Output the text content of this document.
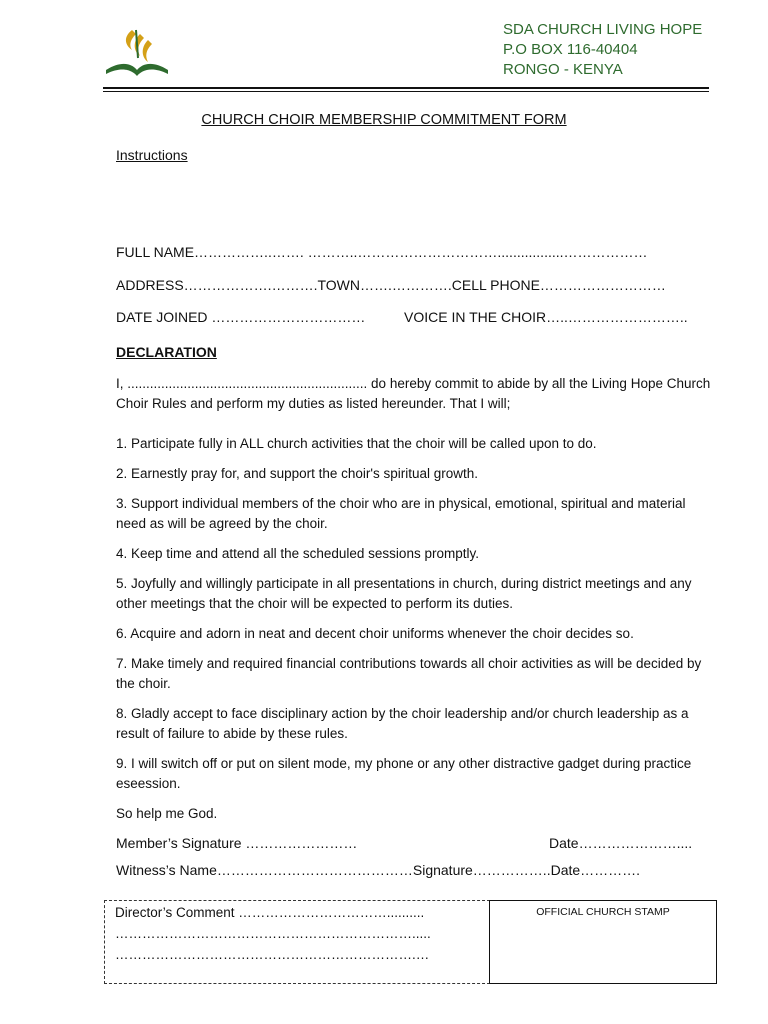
SDA CHURCH LIVING HOPE
P.O BOX 116-40404
RONGO - KENYA
CHURCH CHOIR MEMBERSHIP COMMITMENT FORM
Instructions
FULL NAME……………..……. ………..………………………….................………………
ADDRESS……………….……….TOWN…….………….CELL PHONE………………………
DATE JOINED ……………………………	VOICE IN THE CHOIR…..……………………..
DECLARATION
I, ................................................................ do hereby commit to abide by all the Living Hope Church Choir Rules and perform my duties as listed hereunder. That I will;
1. Participate fully in ALL church activities that the choir will be called upon to do.
2. Earnestly pray for, and support the choir's spiritual growth.
3. Support individual members of the choir who are in physical, emotional, spiritual and material need as will be agreed by the choir.
4. Keep time and attend all the scheduled sessions promptly.
5. Joyfully and willingly participate in all presentations in church, during district meetings and any other meetings that the choir will be expected to perform its duties.
6. Acquire and adorn in neat and decent choir uniforms whenever the choir decides so.
7. Make timely and required financial contributions towards all choir activities as will be decided by the choir.
8. Gladly accept to face disciplinary action by the choir leadership and/or church leadership as a result of failure to abide by these rules.
9. I will switch off or put on silent mode, my phone or any other distractive gadget during practice eseession.
So help me God.
Member’s Signature ……………………	Date…………………....
Witness’s Name……………………………………Signature……………..Date………….
Director’s Comment ……………………………..........
………………………………………………………….....
………………………………………………………….…
OFFICIAL CHURCH STAMP
